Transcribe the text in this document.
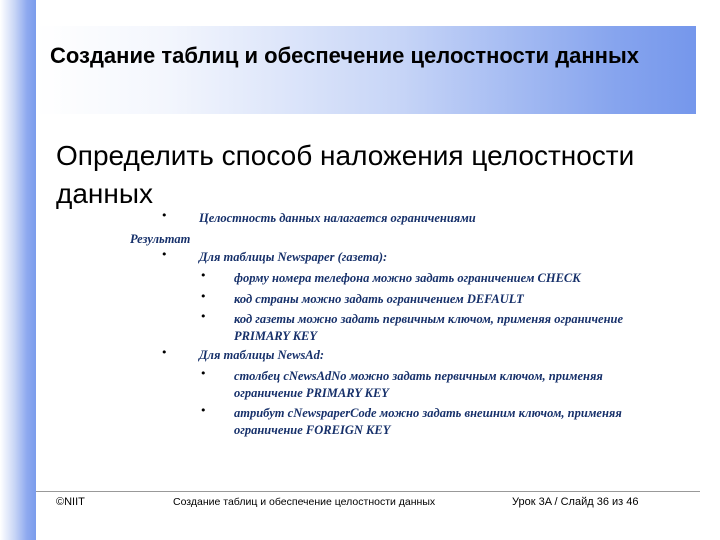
Создание таблиц и обеспечение целостности данных
Определить способ наложения целостности данных
•	Целостность данных налагается ограничениями
Результат
•	Для таблицы Newspaper (газета):
• форму номера телефона можно задать ограничением CHECK
• код страны можно задать ограничением DEFAULT
• код газеты можно задать первичным ключом, применяя ограничение
PRIMARY KEY
•	Для таблицы NewsAd:
• столбец cNewsAdNo можно задать первичным ключом, применяя
ограничение PRIMARY KEY
• атрибут cNewspaperCode можно задать внешним ключом, применяя
ограничение FOREIGN KEY
©NIIT	Создание таблиц и обеспечение целостности данных	Урок 3A / Слайд 36 из 46
